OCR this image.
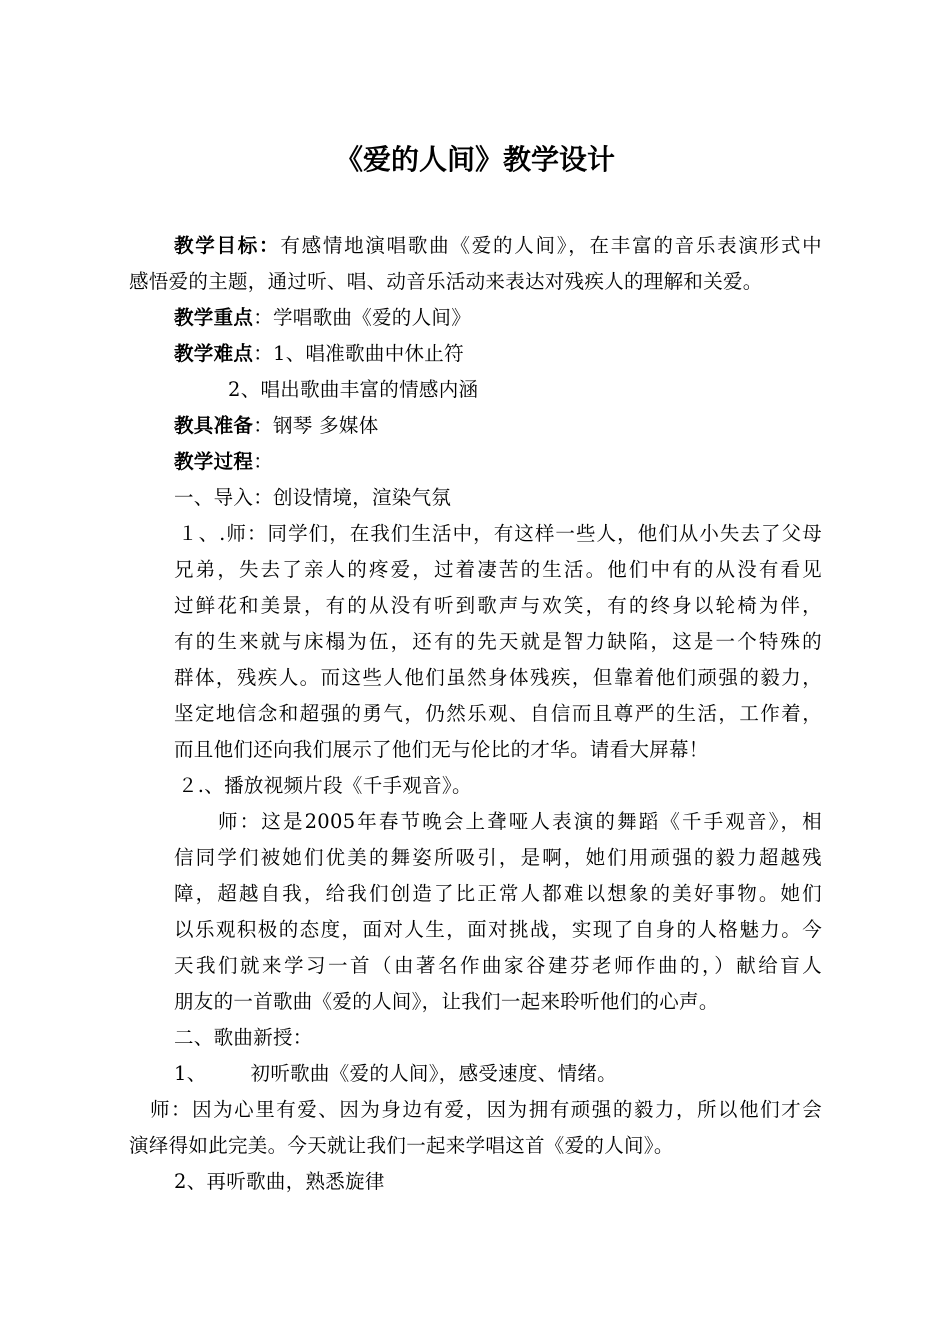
《爱的人间》教学设计
教学目标：有感情地演唱歌曲《爱的人间》，在丰富的音乐表演形式中
感悟爱的主题，通过听、唱、动音乐活动来表达对残疾人的理解和关爱。
教学重点：学唱歌曲《爱的人间》
教学难点：1、唱准歌曲中休止符
2、唱出歌曲丰富的情感内涵
教具准备：钢琴 多媒体
教学过程：
一、导入：创设情境，渲染气氛
１、.师：同学们，在我们生活中，有这样一些人，他们从小失去了父母
兄弟，失去了亲人的疼爱，过着凄苦的生活。他们中有的从没有看见
过鲜花和美景，有的从没有听到歌声与欢笑，有的终身以轮椅为伴，
有的生来就与床榻为伍，还有的先天就是智力缺陷，这是一个特殊的
群体，残疾人。而这些人他们虽然身体残疾，但靠着他们顽强的毅力，
坚定地信念和超强的勇气，仍然乐观、自信而且尊严的生活，工作着，
而且他们还向我们展示了他们无与伦比的才华。请看大屏幕！
２.、播放视频片段《千手观音》。
师：这是2005年春节晚会上聋哑人表演的舞蹈《千手观音》，相
信同学们被她们优美的舞姿所吸引，是啊，她们用顽强的毅力超越残
障，超越自我，给我们创造了比正常人都难以想象的美好事物。她们
以乐观积极的态度，面对人生，面对挑战，实现了自身的人格魅力。今
天我们就来学习一首（由著名作曲家谷建芬老师作曲的，）献给盲人
朋友的一首歌曲《爱的人间》，让我们一起来聆听他们的心声。
二、歌曲新授：
1、 初听歌曲《爱的人间》，感受速度、情绪。
师：因为心里有爱、因为身边有爱，因为拥有顽强的毅力，所以他们才会
演绎得如此完美。今天就让我们一起来学唱这首《爱的人间》。
2、再听歌曲，熟悉旋律
